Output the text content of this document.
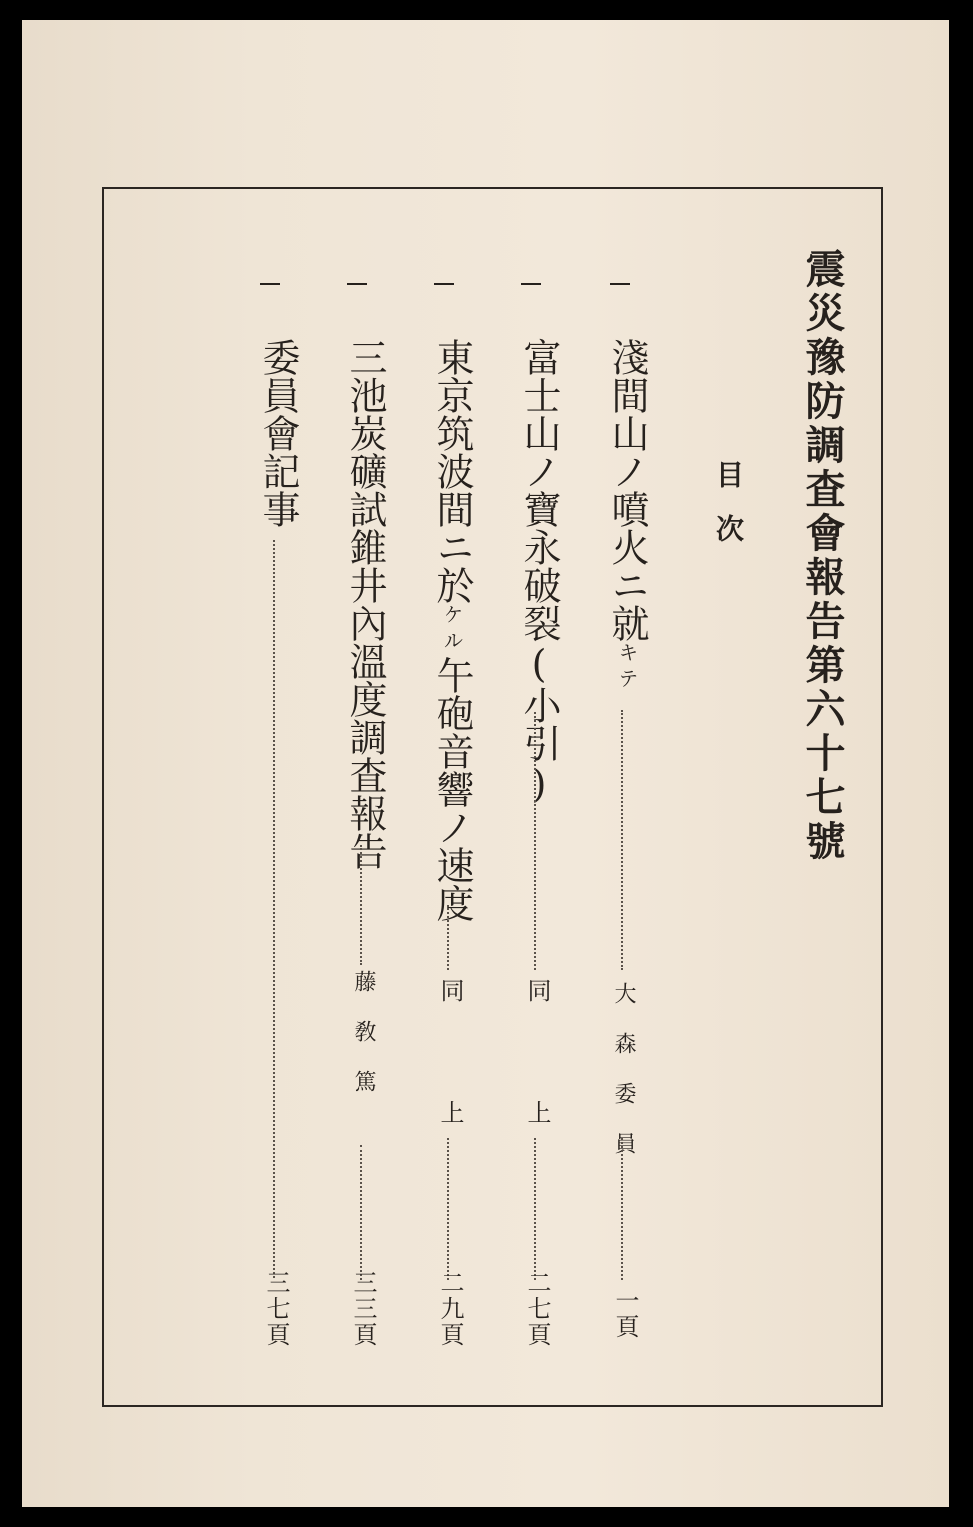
震災豫防調査會報告第六十七號
目次
淺間山ノ噴火ニ就キテ
大森委員
一頁
富士山ノ寶永破裂(小引)
同
上
二七頁
東京筑波間ニ於ケル午砲音響ノ速度
同
上
二九頁
三池炭礦試錐井內溫度調査報告
藤敎篤
三三頁
委員會記事
三七頁
